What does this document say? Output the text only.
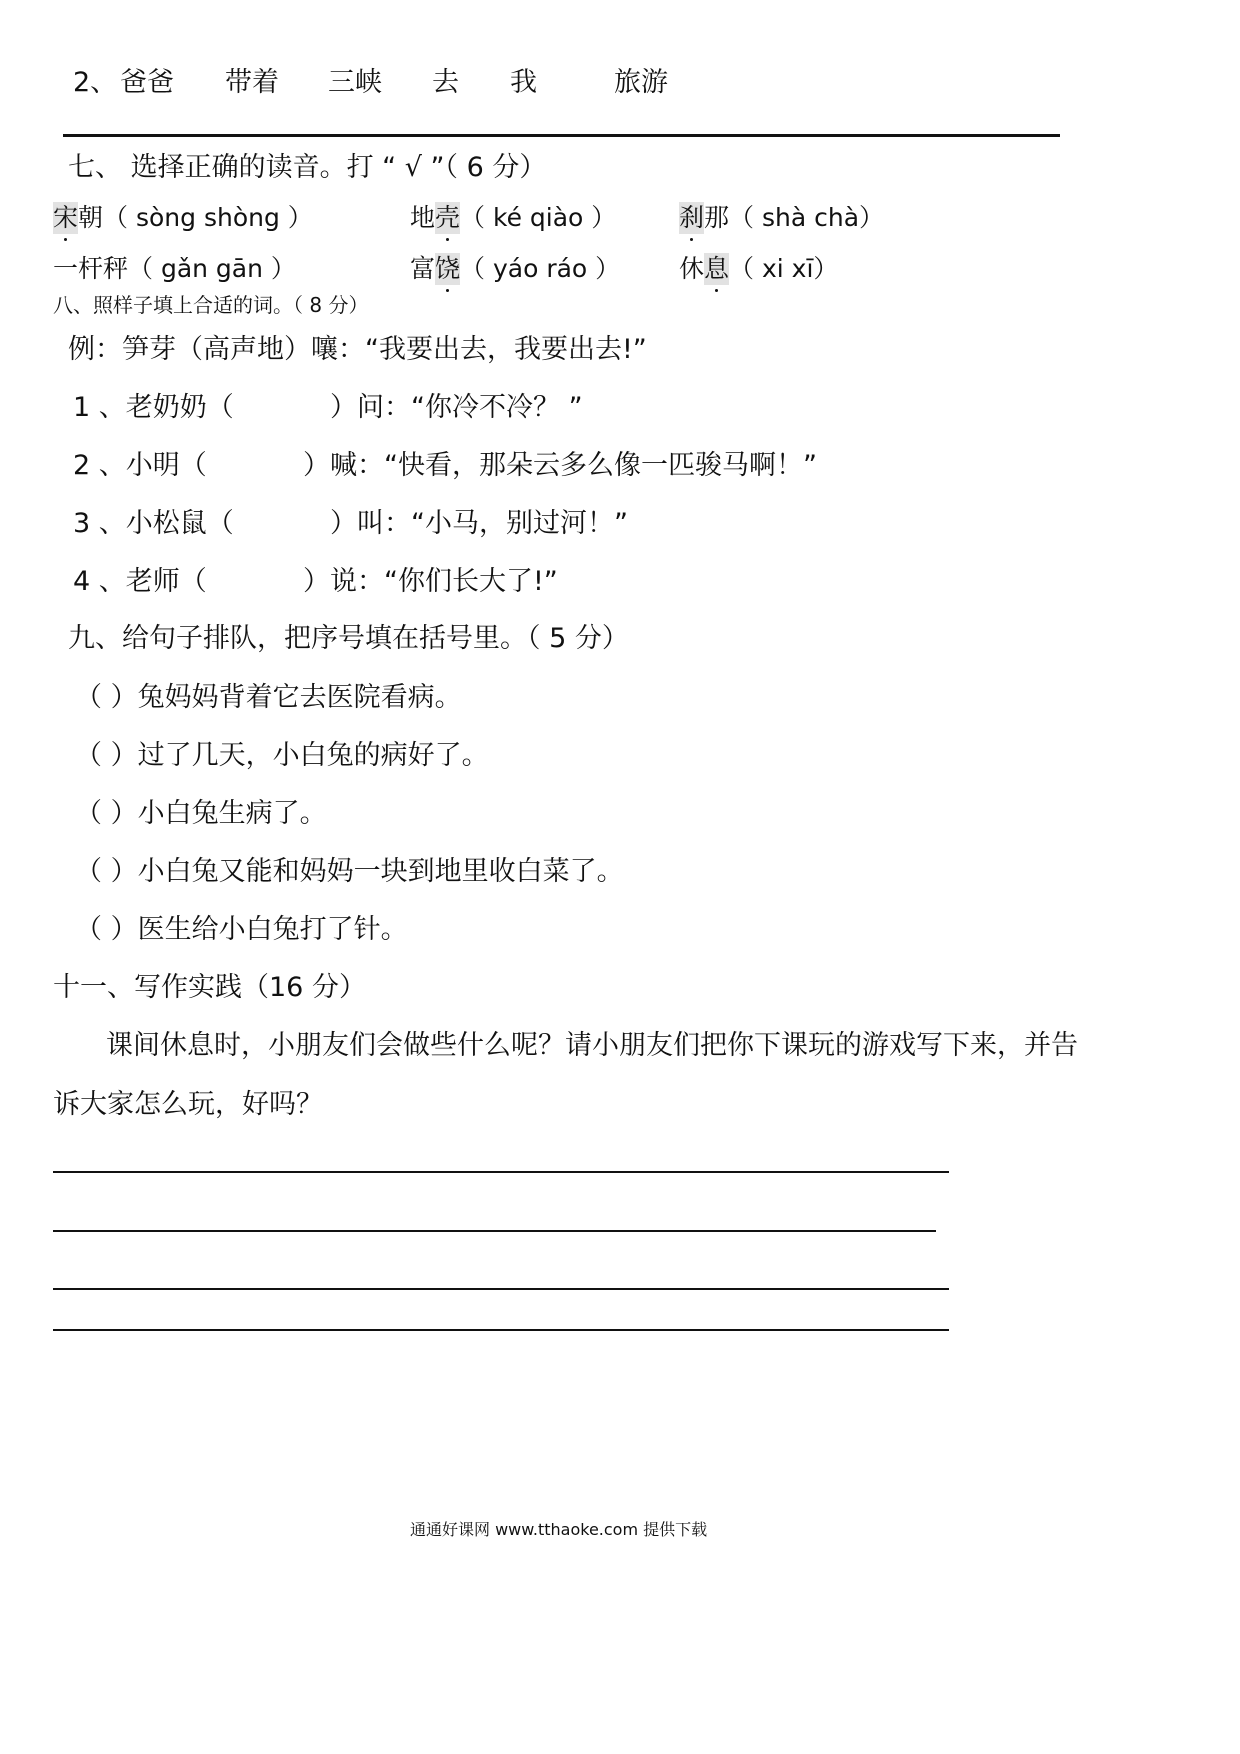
2、 爸爸 带着 三峡 去 我	旅游
七、 选择正确的读音。打 “ √ ”（ 6 分）
宋朝（ sòng shòng ）	地壳（ ké qiào ）	刹那（ shà chà）
一杆秤（ gǎn gān ）	富饶（ yáo ráo ） 休息（ xi xī）
八、照样子填上合适的词。（ 8 分）
例：笋芽（高声地）嚷：“我要出去，我要出去!”
1 、老奶奶（	）问：“你冷不冷？ ”
2 、小明（	）喊：“快看，那朵云多么像一匹骏马啊！”
3 、小松鼠（	）叫：“小马，别过河！”
4 、老师（	）说：“你们长大了!”
九、给句子排队，把序号填在括号里。（ 5 分）
（ ）兔妈妈背着它去医院看病。
（ ）过了几天，小白兔的病好了。
（ ）小白兔生病了。
（ ）小白兔又能和妈妈一块到地里收白菜了。
（ ）医生给小白兔打了针。
十一、写作实践（16 分）
课间休息时，小朋友们会做些什么呢？请小朋友们把你下课玩的游戏写下来，并告
诉大家怎么玩，好吗？
通通好课网 www.tthaoke.com 提供下载
